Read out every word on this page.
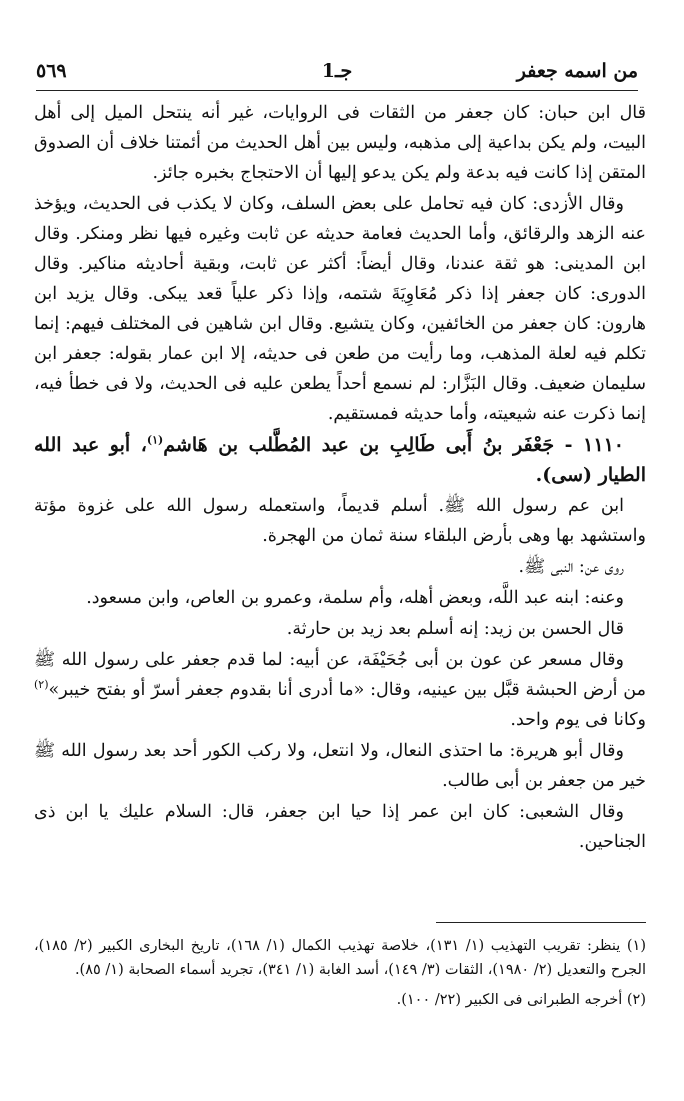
من اسمه جعفر
جـ1
٥٦٩

قال ابن حبان: كان جعفر من الثقات فى الروايات، غير أنه ينتحل الميل إلى أهل البيت، ولم يكن بداعية إلى مذهبه، وليس بين أهل الحديث من أئمتنا خلاف أن الصدوق المتقن إذا كانت فيه بدعة ولم يكن يدعو إليها أن الاحتجاج بخبره جائز.

وقال الأزدى: كان فيه تحامل على بعض السلف، وكان لا يكذب فى الحديث، ويؤخذ عنه الزهد والرقائق، وأما الحديث فعامة حديثه عن ثابت وغيره فيها نظر ومنكر. وقال ابن المدينى: هو ثقة عندنا، وقال أيضاً: أكثر عن ثابت، وبقية أحاديثه مناكير. وقال الدورى: كان جعفر إذا ذكر مُعَاوِيَةَ شتمه، وإذا ذكر علياً قعد يبكى. وقال يزيد ابن هارون: كان جعفر من الخائفين، وكان يتشيع. وقال ابن شاهين فى المختلف فيهم: إنما تكلم فيه لعلة المذهب، وما رأيت من طعن فى حديثه، إلا ابن عمار بقوله: جعفر ابن سليمان ضعيف. وقال البَزَّار: لم نسمع أحداً يطعن عليه فى الحديث، ولا فى خطأ فيه، إنما ذكرت عنه شيعيته، وأما حديثه فمستقيم.

١١١٠ - جَعْفَر بنُ أَبى طَالِبِ بن عبد المُطَّلب بن هَاشم$^{(١)}$، أبو عبد الله الطيار (سى).

ابن عم رسول الله ﷺ. أسلم قديماً، واستعمله رسول الله على غزوة مؤتة واستشهد بها وهى بأرض البلقاء سنة ثمان من الهجرة.

روى عن: النبى ﷺ.

وعنه: ابنه عبد اللَّه، وبعض أهله، وأم سلمة، وعمرو بن العاص، وابن مسعود.

قال الحسن بن زيد: إنه أسلم بعد زيد بن حارثة.

وقال مسعر عن عون بن أبى جُحَيْفَة، عن أبيه: لما قدم جعفر على رسول الله ﷺ من أرض الحبشة قبَّل بين عينيه، وقال: «ما أدرى أنا بقدوم جعفر أسرّ أو بفتح خيبر»$^{(٢)}$ وكانا فى يوم واحد.

وقال أبو هريرة: ما احتذى النعال، ولا انتعل، ولا ركب الكور أحد بعد رسول الله ﷺ خير من جعفر بن أبى طالب.

وقال الشعبى: كان ابن عمر إذا حيا ابن جعفر، قال: السلام عليك يا ابن ذى الجناحين.

(١) ينظر: تقريب التهذيب (١/ ١٣١)، خلاصة تهذيب الكمال (١/ ١٦٨)، تاريخ البخارى الكبير (٢/ ١٨٥)، الجرح والتعديل (٢/ ١٩٨٠)، الثقات (٣/ ١٤٩)، أسد الغابة (١/ ٣٤١)، تجريد أسماء الصحابة (١/ ٨٥).

(٢) أخرجه الطبرانى فى الكبير (٢٢/ ١٠٠).
